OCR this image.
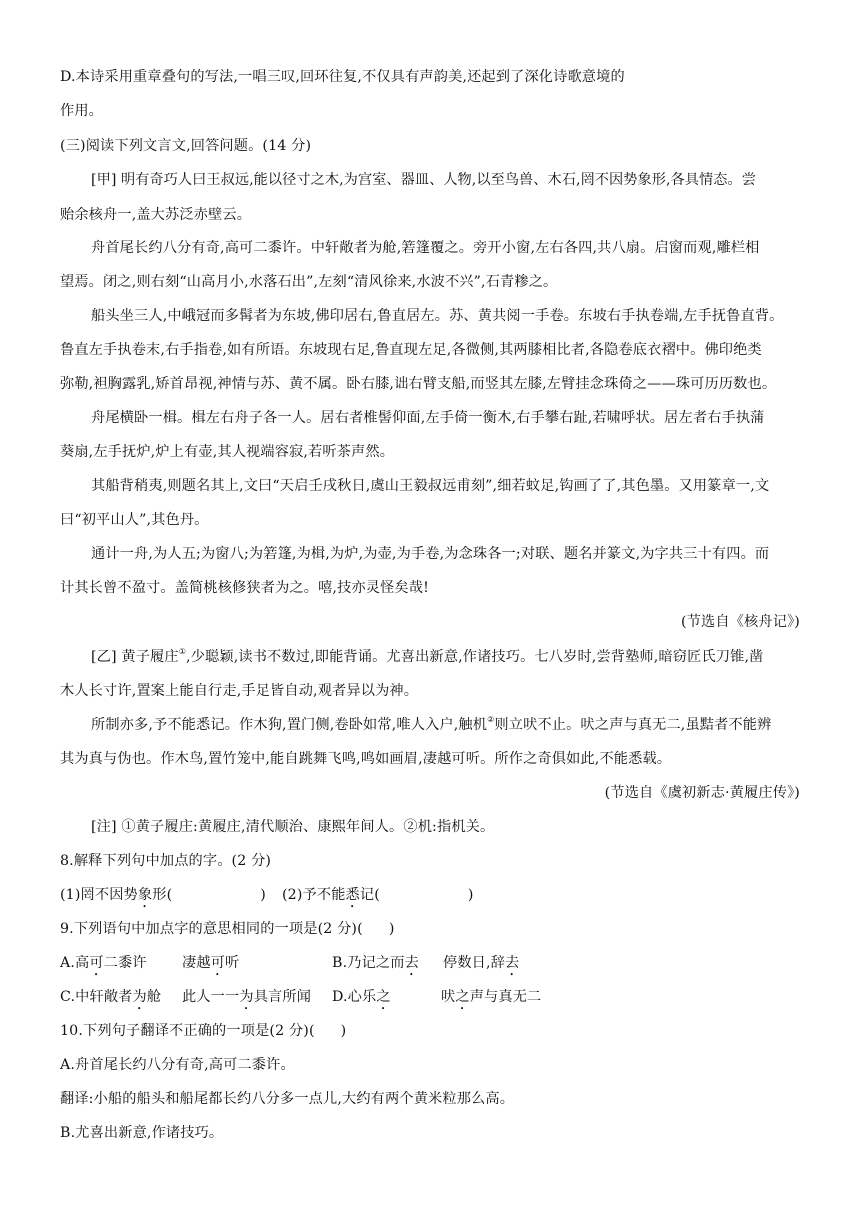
D.本诗采用重章叠句的写法,一唱三叹,回环往复,不仅具有声韵美,还起到了深化诗歌意境的
作用。
(三)阅读下列文言文,回答问题。(14 分)
[甲] 明有奇巧人曰王叔远,能以径寸之木,为宫室、器皿、人物,以至鸟兽、木石,罔不因势象形,各具情态。尝
贻余核舟一,盖大苏泛赤壁云。
舟首尾长约八分有奇,高可二黍许。中轩敞者为舱,箬篷覆之。旁开小窗,左右各四,共八扇。启窗而观,雕栏相
望焉。闭之,则右刻“山高月小,水落石出”,左刻“清风徐来,水波不兴”,石青糁之。
船头坐三人,中峨冠而多髯者为东坡,佛印居右,鲁直居左。苏、黄共阅一手卷。东坡右手执卷端,左手抚鲁直背。
鲁直左手执卷末,右手指卷,如有所语。东坡现右足,鲁直现左足,各微侧,其两膝相比者,各隐卷底衣褶中。佛印绝类
弥勒,袒胸露乳,矫首昂视,神情与苏、黄不属。卧右膝,诎右臂支船,而竖其左膝,左臂挂念珠倚之——珠可历历数也。
舟尾横卧一楫。楫左右舟子各一人。居右者椎髻仰面,左手倚一衡木,右手攀右趾,若啸呼状。居左者右手执蒲
葵扇,左手抚炉,炉上有壶,其人视端容寂,若听茶声然。
其船背稍夷,则题名其上,文曰“天启壬戌秋日,虞山王毅叔远甫刻”,细若蚊足,钩画了了,其色墨。又用篆章一,文
曰“初平山人”,其色丹。
通计一舟,为人五;为窗八;为箬篷,为楫,为炉,为壶,为手卷,为念珠各一;对联、题名并篆文,为字共三十有四。而
计其长曾不盈寸。盖简桃核修狭者为之。嘻,技亦灵怪矣哉!
(节选自《核舟记》)
[乙] 黄子履庄①,少聪颖,读书不数过,即能背诵。尤喜出新意,作诸技巧。七八岁时,尝背塾师,暗窃匠氏刀锥,凿
木人长寸许,置案上能自行走,手足皆自动,观者异以为神。
所制亦多,予不能悉记。作木狗,置门侧,卷卧如常,唯人入户,触机②则立吠不止。吠之声与真无二,虽黠者不能辨
其为真与伪也。作木鸟,置竹笼中,能自跳舞飞鸣,鸣如画眉,凄越可听。所作之奇俱如此,不能悉载。
(节选自《虞初新志·黄履庄传》)
[注] ①黄子履庄:黄履庄,清代顺治、康熙年间人。②机:指机关。
8.解释下列句中加点的字。(2 分)
(1)罔不因势象形(	) (2)予不能悉记(	)
9.下列语句中加点字的意思相同的一项是(2 分)( )
A.高可二黍许 凄越可听	B.乃记之而去 停数日,辞去
C.中轩敞者为舱 此人一一为具言所闻 D.心乐之	吠之声与真无二
10.下列句子翻译不正确的一项是(2 分)( )
A.舟首尾长约八分有奇,高可二黍许。
翻译:小船的船头和船尾都长约八分多一点儿,大约有两个黄米粒那么高。
B.尤喜出新意,作诸技巧。
